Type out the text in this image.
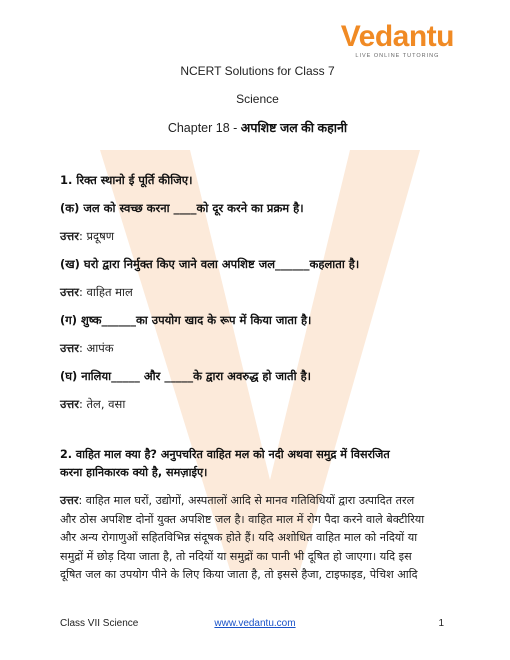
Vedantu
LIVE ONLINE TUTORING
NCERT Solutions for Class 7
Science
Chapter 18 - अपशिष्ट जल की कहानी
1. रिक्त स्थानो ई पूर्ति कीजिए।
(क) जल को स्वच्छ करना ____को दूर करने का प्रक्रम है।
उत्तर: प्रदूषण
(ख) घरो द्वारा निर्मुक्त किए जाने वला अपशिष्ट जल______कहलाता है।
उत्तर: वाहित माल
(ग) शुष्क______का उपयोग खाद के रूप में किया जाता है।
उत्तर: आपंक
(घ) नालिया_____ और _____के द्वारा अवरुद्ध हो जाती है।
उत्तर: तेल, वसा
2. वाहित माल क्या है? अनुपचरित वाहित मल को नदी अथवा समुद्र में विसरजित
करना हानिकारक क्यो है, समज़ाईए।
उत्तर: वाहित माल घरों, उद्योगों, अस्पतालों आदि से मानव गतिविधियों द्वारा उत्पादित तरल
और ठोस अपशिष्ट दोनों युक्त अपशिष्ट जल है। वाहित माल में रोग पैदा करने वाले बेक्टीरिया
और अन्य रोगाणुओं सहितविभिन्न संदूषक होते हैं। यदि अशोधित वाहित माल को नदियों या
समुद्रों में छोड़ दिया जाता है, तो नदियों या समुद्रों का पानी भी दूषित हो जाएगा। यदि इस
दूषित जल का उपयोग पीने के लिए किया जाता है, तो इससे हैजा, टाइफाइड, पेचिश आदि
Class VII Science	www.vedantu.com	1
